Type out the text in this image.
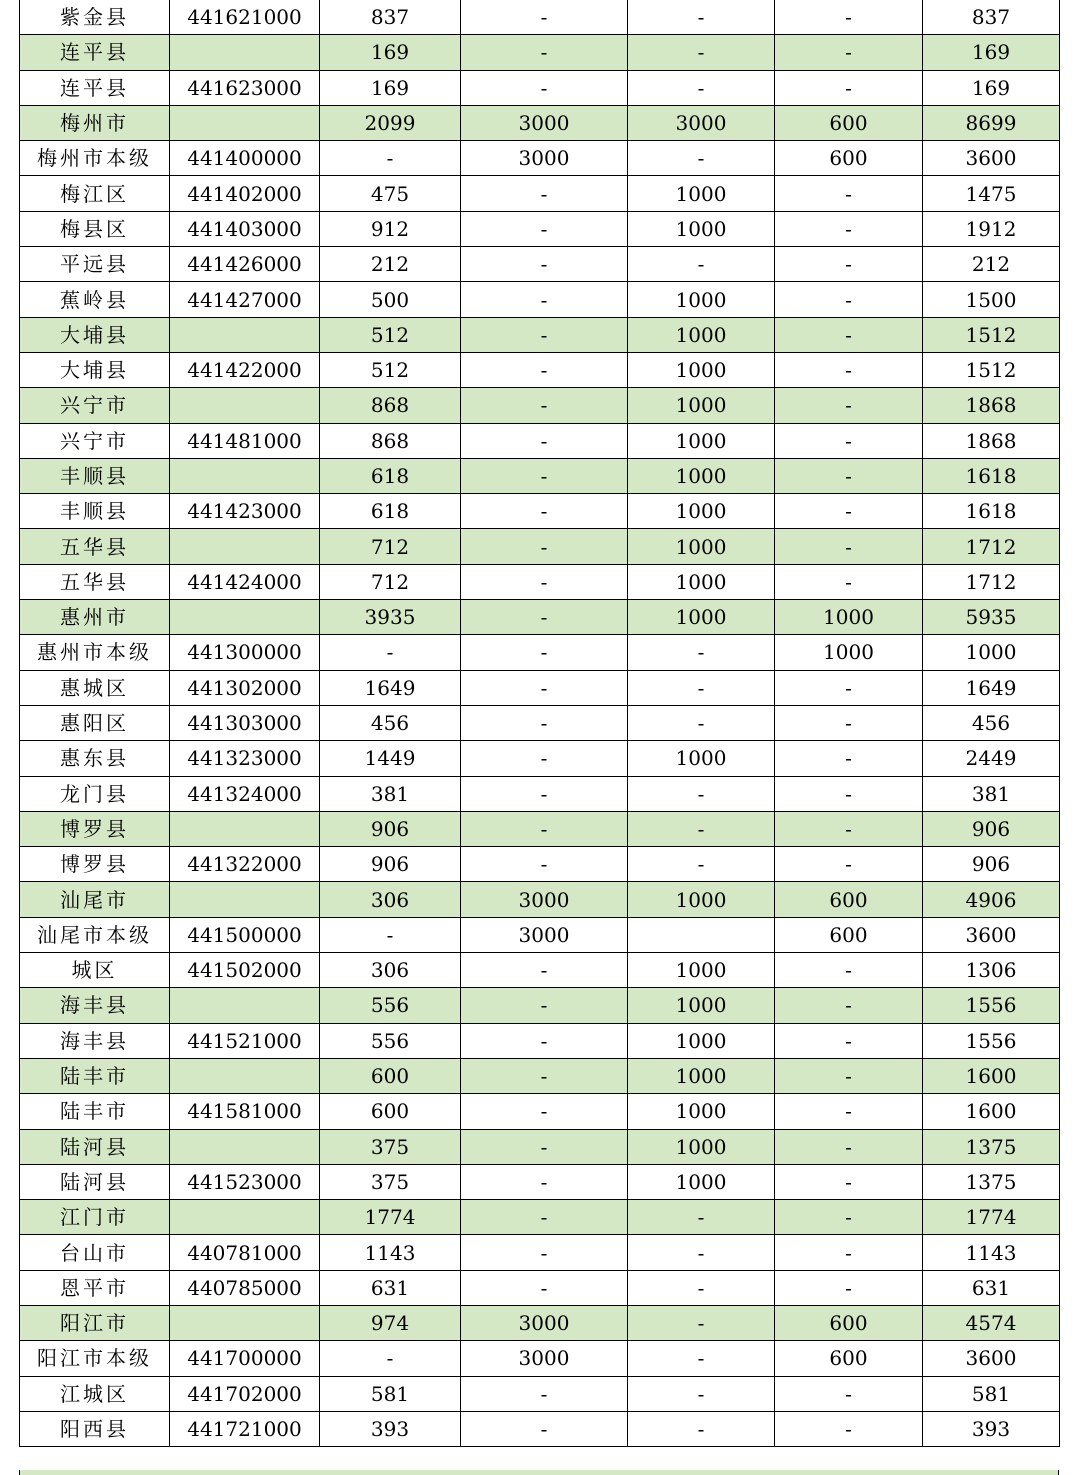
紫金县	441621000	837	-	-	-	837
连平县		169	-	-	-	169
连平县	441623000	169	-	-	-	169
梅州市		2099	3000	3000	600	8699
梅州市本级	441400000	-	3000	-	600	3600
梅江区	441402000	475	-	1000	-	1475
梅县区	441403000	912	-	1000	-	1912
平远县	441426000	212	-	-	-	212
蕉岭县	441427000	500	-	1000	-	1500
大埔县		512	-	1000	-	1512
大埔县	441422000	512	-	1000	-	1512
兴宁市		868	-	1000	-	1868
兴宁市	441481000	868	-	1000	-	1868
丰顺县		618	-	1000	-	1618
丰顺县	441423000	618	-	1000	-	1618
五华县		712	-	1000	-	1712
五华县	441424000	712	-	1000	-	1712
惠州市		3935	-	1000	1000	5935
惠州市本级	441300000	-	-	-	1000	1000
惠城区	441302000	1649	-	-	-	1649
惠阳区	441303000	456	-	-	-	456
惠东县	441323000	1449	-	1000	-	2449
龙门县	441324000	381	-	-	-	381
博罗县		906	-	-	-	906
博罗县	441322000	906	-	-	-	906
汕尾市		306	3000	1000	600	4906
汕尾市本级	441500000	-	3000		600	3600
城区	441502000	306	-	1000	-	1306
海丰县		556	-	1000	-	1556
海丰县	441521000	556	-	1000	-	1556
陆丰市		600	-	1000	-	1600
陆丰市	441581000	600	-	1000	-	1600
陆河县		375	-	1000	-	1375
陆河县	441523000	375	-	1000	-	1375
江门市		1774	-	-	-	1774
台山市	440781000	1143	-	-	-	1143
恩平市	440785000	631	-	-	-	631
阳江市		974	3000	-	600	4574
阳江市本级	441700000	-	3000	-	600	3600
江城区	441702000	581	-	-	-	581
阳西县	441721000	393	-	-	-	393
